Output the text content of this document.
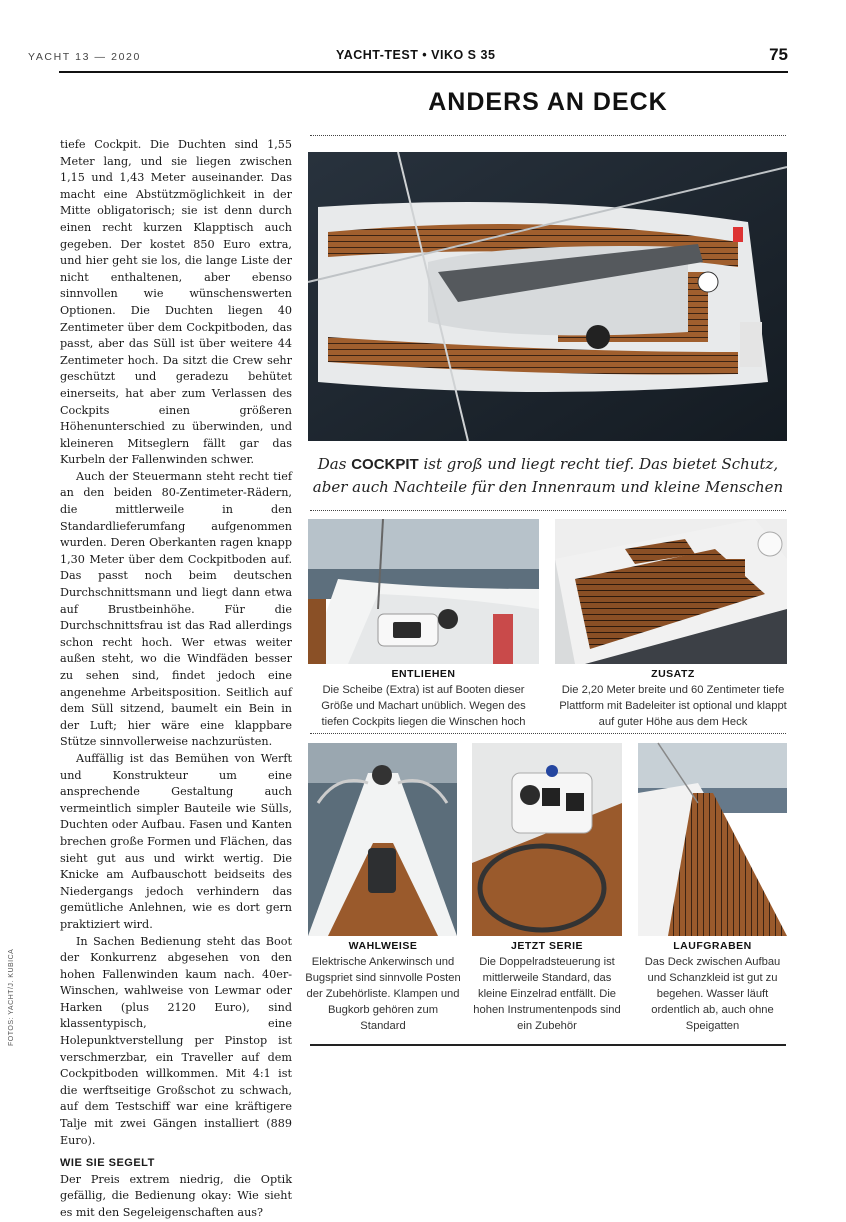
YACHT 13 — 2020	YACHT-TEST • VIKO S 35	75
ANDERS AN DECK

tiefe Cockpit. Die Duchten sind 1,55 Meter lang, und sie liegen zwischen 1,15 und 1,43 Meter auseinander. Das macht eine Abstützmöglichkeit in der Mitte obligatorisch; sie ist denn durch einen recht kurzen Klapptisch auch gegeben. Der kostet 850 Euro extra, und hier geht sie los, die lange Liste der nicht enthaltenen, aber ebenso sinnvollen wie wünschenswerten Optionen. Die Duchten liegen 40 Zentimeter über dem Cockpitboden, das passt, aber das Süll ist über weitere 44 Zentimeter hoch. Da sitzt die Crew sehr geschützt und geradezu behütet einerseits, hat aber zum Verlassen des Cockpits einen größeren Höhenunterschied zu überwinden, und kleineren Mitseglern fällt gar das Kurbeln der Fallenwinden schwer.

Auch der Steuermann steht recht tief an den beiden 80-Zentimeter-Rädern, die mittlerweile in den Standardlieferumfang aufgenommen wurden. Deren Oberkanten ragen knapp 1,30 Meter über dem Cockpitboden auf. Das passt noch beim deutschen Durchschnittsmann und liegt dann etwa auf Brustbeinhöhe. Für die Durchschnittsfrau ist das Rad allerdings schon recht hoch. Wer etwas weiter außen steht, wo die Windfäden besser zu sehen sind, findet jedoch eine angenehme Arbeitsposition. Seitlich auf dem Süll sitzend, baumelt ein Bein in der Luft; hier wäre eine klappbare Stütze sinnvollerweise nachzurüsten.

Auffällig ist das Bemühen von Werft und Konstrukteur um eine ansprechende Gestaltung auch vermeintlich simpler Bauteile wie Sülls, Duchten oder Aufbau. Fasen und Kanten brechen große Formen und Flächen, das sieht gut aus und wirkt wertig. Die Knicke am Aufbauschott beidseits des Niedergangs jedoch verhindern das gemütliche Anlehnen, wie es dort gern praktiziert wird.

In Sachen Bedienung steht das Boot der Konkurrenz abgesehen von den hohen Fallenwinden kaum nach. 40er-Winschen, wahlweise von Lewmar oder Harken (plus 2120 Euro), sind klassentypisch, eine Holepunktverstellung per Pinstop ist verschmerzbar, ein Traveller auf dem Cockpitboden willkommen. Mit 4:1 ist die werftseitige Großschot zu schwach, auf dem Testschiff war eine kräftigere Talje mit zwei Gängen installiert (889 Euro).

WIE SIE SEGELT

Der Preis extrem niedrig, die Optik gefällig, die Bedienung okay: Wie sieht es mit den Segeleigenschaften aus?

FOTOS: YACHT/J. KUBICA
Das COCKPIT ist groß und liegt recht tief. Das bietet Schutz, aber auch Nachteile für den Innenraum und kleine Menschen
ENTLIEHEN
Die Scheibe (Extra) ist auf Booten dieser Größe und Machart unüblich. Wegen des tiefen Cockpits liegen die Winschen hoch
ZUSATZ
Die 2,20 Meter breite und 60 Zentimeter tiefe Plattform mit Badeleiter ist optional und klappt auf guter Höhe aus dem Heck
WAHLWEISE
Elektrische Ankerwinsch und Bugspriet sind sinnvolle Posten der Zubehörliste. Klampen und Bugkorb gehören zum Standard
JETZT SERIE
Die Doppelradsteuerung ist mittlerweile Standard, das kleine Einzelrad entfällt. Die hohen Instrumentenpods sind ein Zubehör
LAUFGRABEN
Das Deck zwischen Aufbau und Schanzkleid ist gut zu begehen. Wasser läuft ordentlich ab, auch ohne Speigatten
